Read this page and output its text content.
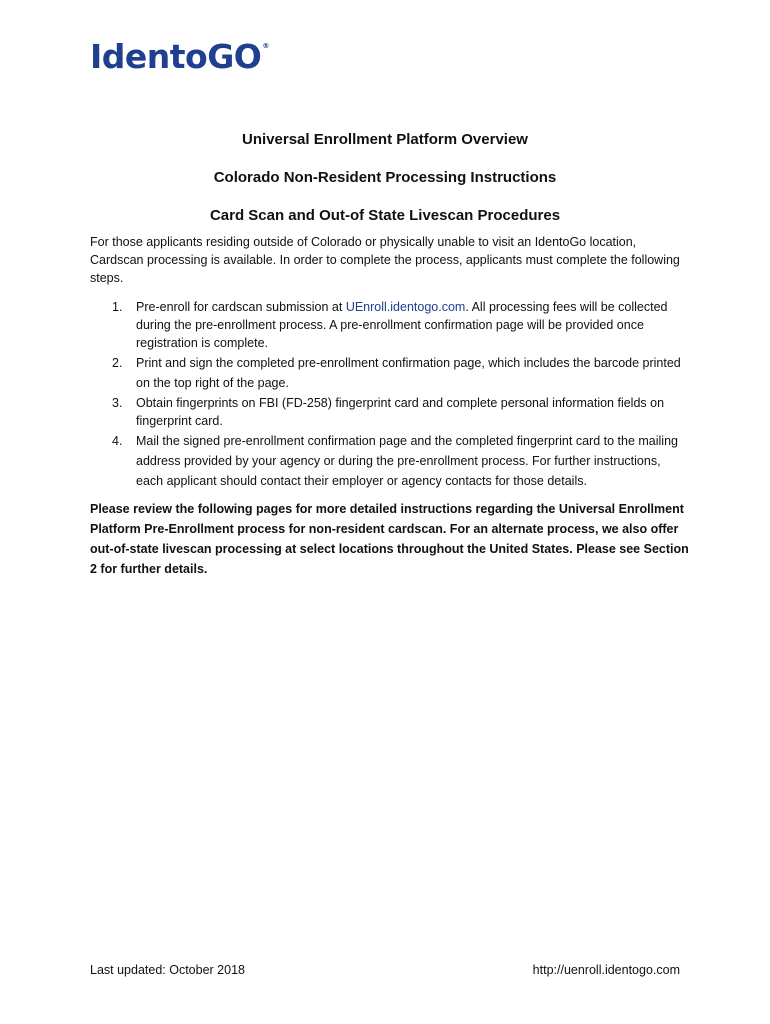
IdentoGO®
Universal Enrollment Platform Overview
Colorado Non-Resident Processing Instructions
Card Scan and Out-of State Livescan Procedures

For those applicants residing outside of Colorado or physically unable to visit an IdentoGo location, Cardscan processing is available. In order to complete the process, applicants must complete the following steps.

1. Pre-enroll for cardscan submission at UEnroll.identogo.com. All processing fees will be collected during the pre-enrollment process. A pre-enrollment confirmation page will be provided once registration is complete.
2. Print and sign the completed pre-enrollment confirmation page, which includes the barcode printed on the top right of the page.
3. Obtain fingerprints on FBI (FD-258) fingerprint card and complete personal information fields on fingerprint card.
4. Mail the signed pre-enrollment confirmation page and the completed fingerprint card to the mailing address provided by your agency or during the pre-enrollment process. For further instructions, each applicant should contact their employer or agency contacts for those details.

Please review the following pages for more detailed instructions regarding the Universal Enrollment Platform Pre-Enrollment process for non-resident cardscan. For an alternate process, we also offer out-of-state livescan processing at select locations throughout the United States. Please see Section 2 for further details.

Last updated: October 2018	http://uenroll.identogo.com
